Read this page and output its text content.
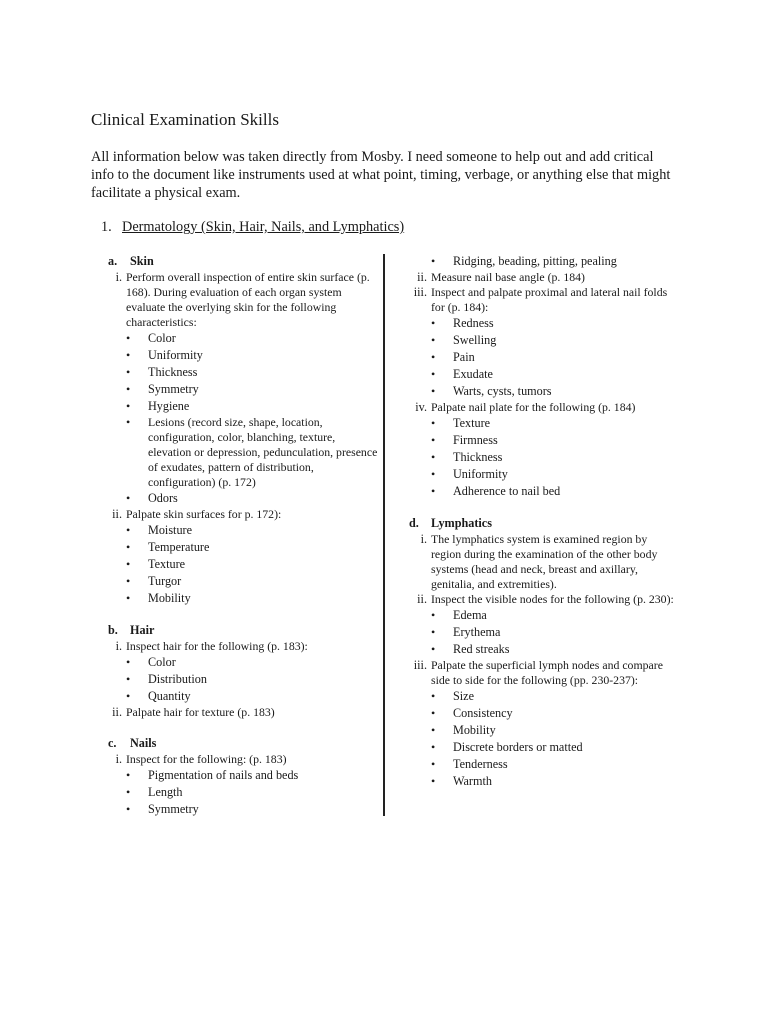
Clinical Examination Skills

All information below was taken directly from Mosby. I need someone to help out and add critical info to the document like instruments used at what point, timing, verbage, or anything else that might facilitate a physical exam.

1. Dermatology (Skin, Hair, Nails, and Lymphatics)
a. Skin
i. Perform overall inspection of entire skin surface (p. 168). During evaluation of each organ system evaluate the overlying skin for the following characteristics:
• Color
• Uniformity
• Thickness
• Symmetry
• Hygiene
• Lesions (record size, shape, location, configuration, color, blanching, texture, elevation or depression, pedunculation, presence of exudates, pattern of distribution, configuration) (p. 172)
• Odors
ii. Palpate skin surfaces for p. 172):
• Moisture
• Temperature
• Texture
• Turgor
• Mobility
b. Hair
i. Inspect hair for the following (p. 183):
• Color
• Distribution
• Quantity
ii. Palpate hair for texture (p. 183)
c. Nails
i. Inspect for the following: (p. 183)
• Pigmentation of nails and beds
• Length
• Symmetry
• Ridging, beading, pitting, pealing
ii. Measure nail base angle (p. 184)
iii. Inspect and palpate proximal and lateral nail folds for (p. 184):
• Redness
• Swelling
• Pain
• Exudate
• Warts, cysts, tumors
iv. Palpate nail plate for the following (p. 184)
• Texture
• Firmness
• Thickness
• Uniformity
• Adherence to nail bed
d. Lymphatics
i. The lymphatics system is examined region by region during the examination of the other body systems (head and neck, breast and axillary, genitalia, and extremities).
ii. Inspect the visible nodes for the following (p. 230):
• Edema
• Erythema
• Red streaks
iii. Palpate the superficial lymph nodes and compare side to side for the following (pp. 230-237):
• Size
• Consistency
• Mobility
• Discrete borders or matted
• Tenderness
• Warmth
